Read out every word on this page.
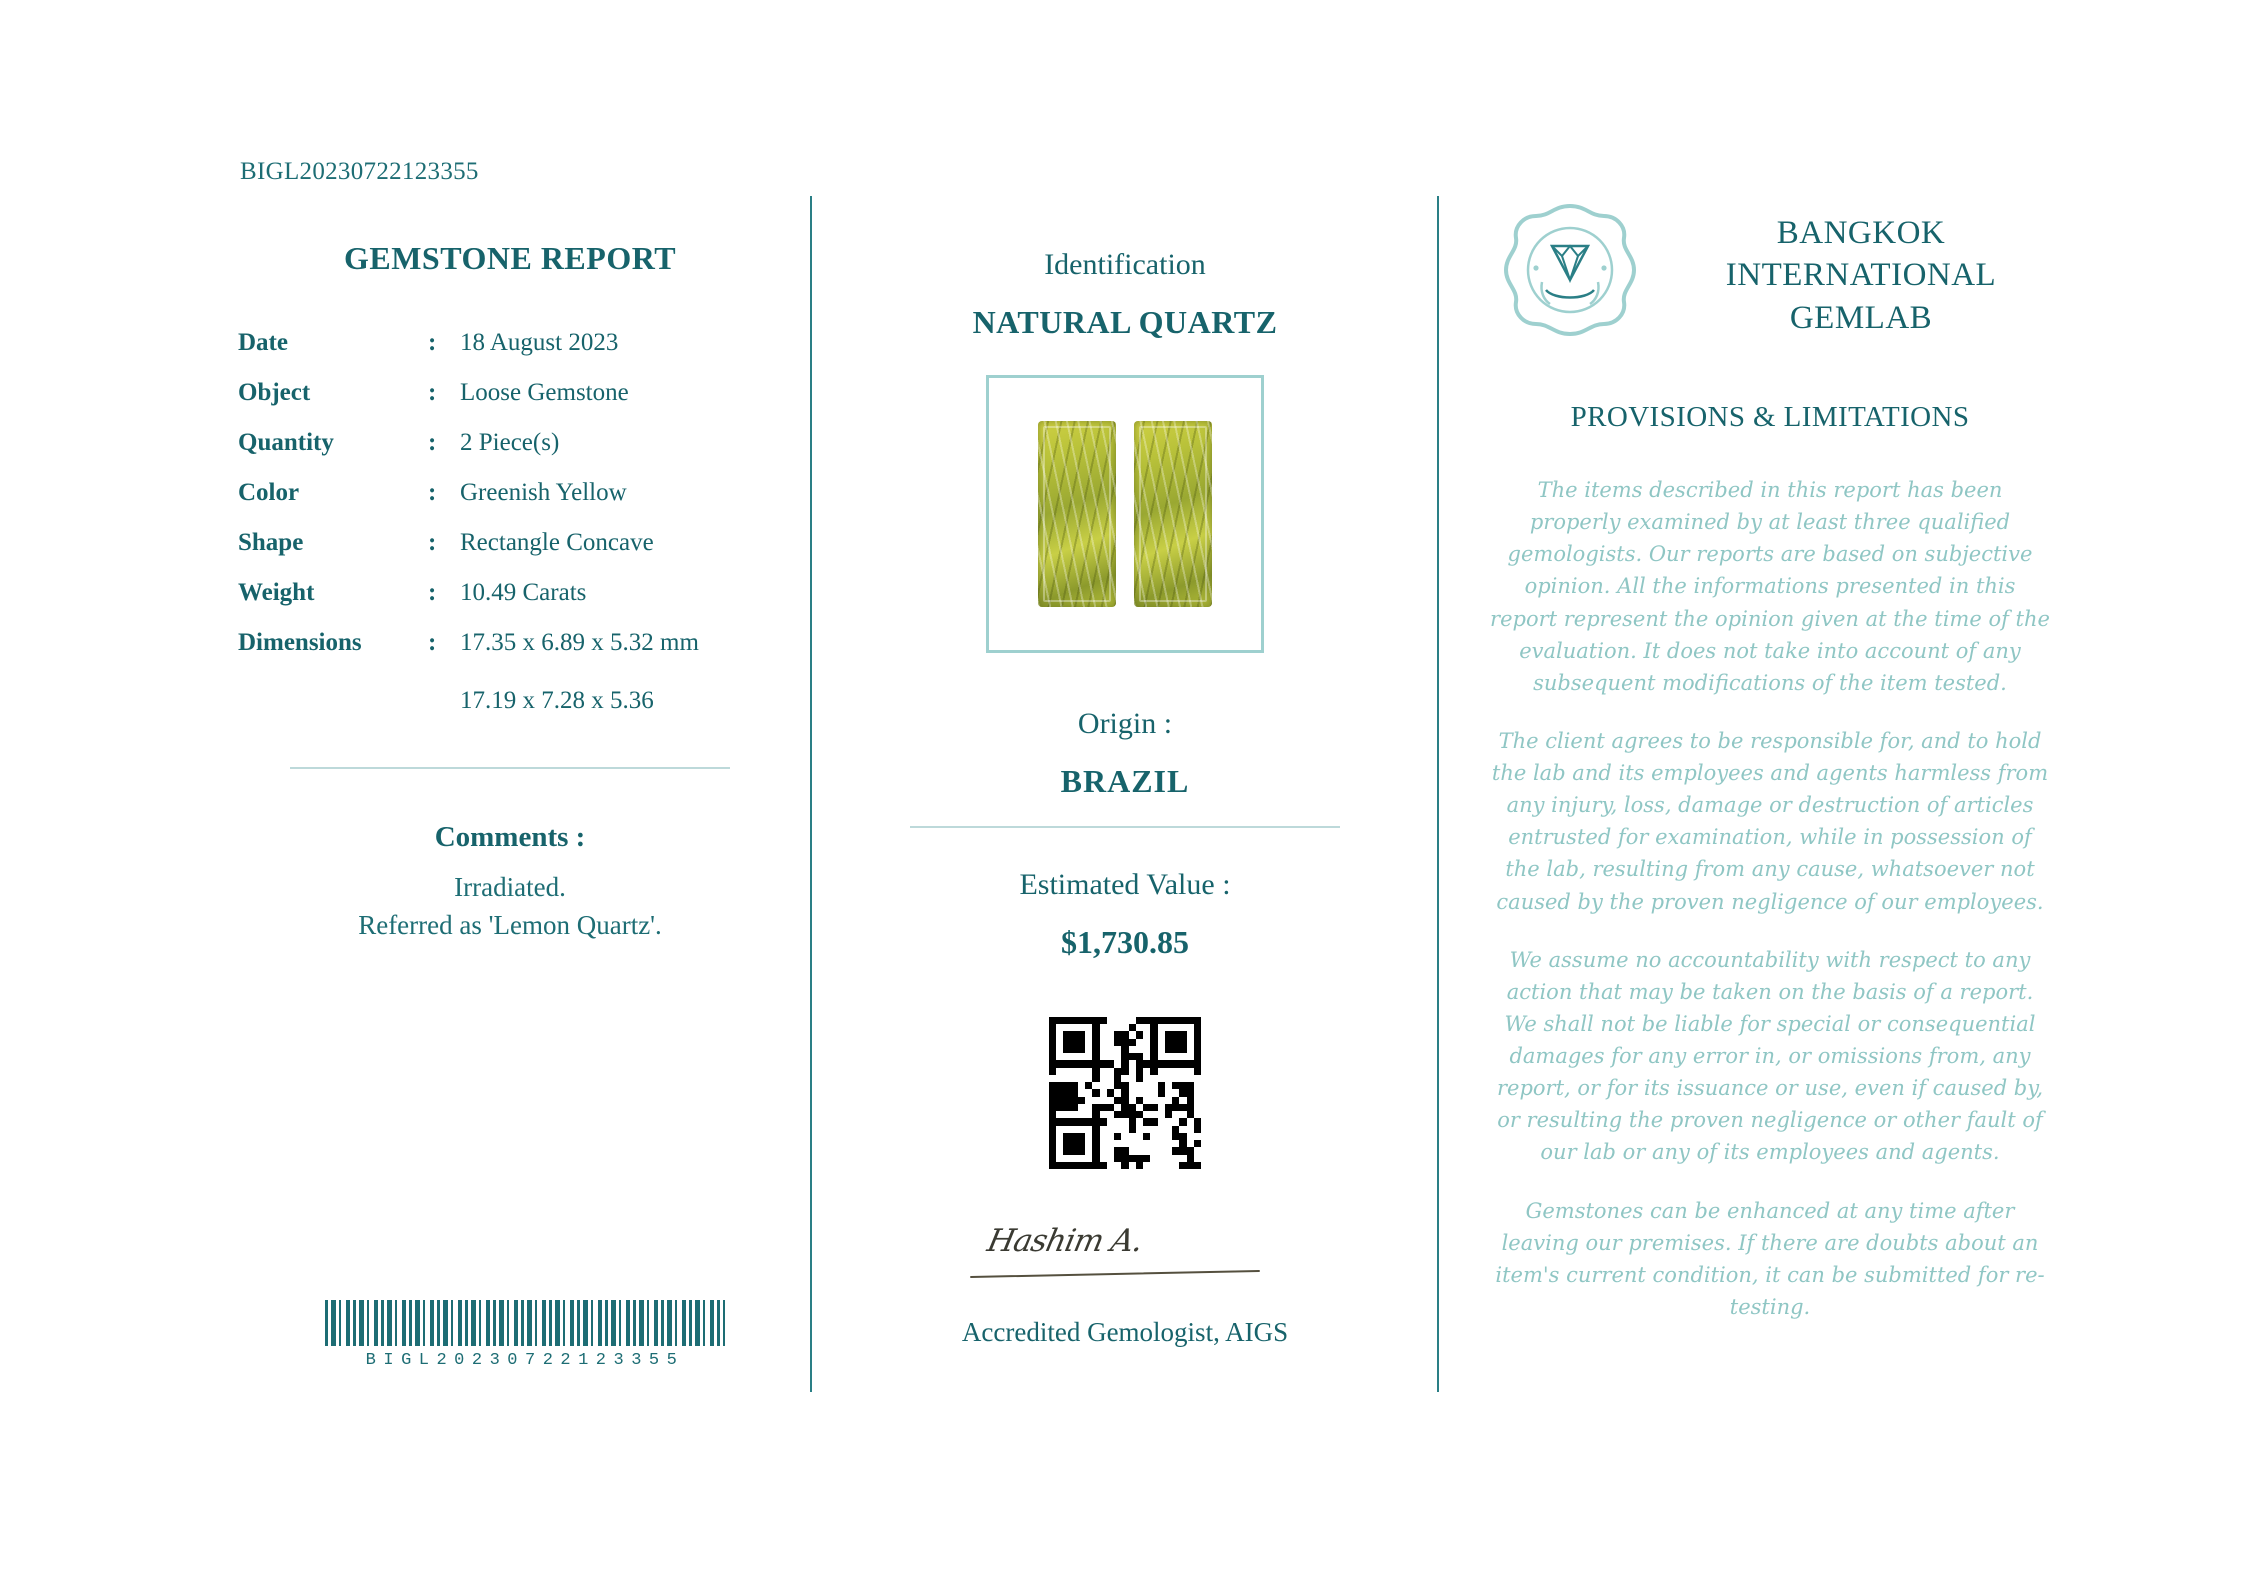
BIGL20230722123355
GEMSTONE REPORT
Date	:	18 August 2023
Object	:	Loose Gemstone
Quantity	:	2 Piece(s)
Color	:	Greenish Yellow
Shape	:	Rectangle Concave
Weight	:	10.49 Carats
Dimensions	:	17.35 x 6.89 x 5.32 mm
		17.19 x 7.28 x 5.36
Comments :
Irradiated.
Referred as 'Lemon Quartz'.
BIGL20230722123355
Identification
NATURAL QUARTZ
Origin :
BRAZIL
Estimated Value :
$1,730.85
Hashim A.
Accredited Gemologist, AIGS
BANGKOK
INTERNATIONAL
GEMLAB
PROVISIONS & LIMITATIONS

The items described in this report has been properly examined by at least three qualified gemologists. Our reports are based on subjective opinion. All the informations presented in this report represent the opinion given at the time of the evaluation. It does not take into account of any subsequent modifications of the item tested.

The client agrees to be responsible for, and to hold the lab and its employees and agents harmless from any injury, loss, damage or destruction of articles entrusted for examination, while in possession of the lab, resulting from any cause, whatsoever not caused by the proven negligence of our employees.

We assume no accountability with respect to any action that may be taken on the basis of a report. We shall not be liable for special or consequential damages for any error in, or omissions from, any report, or for its issuance or use, even if caused by, or resulting the proven negligence or other fault of our lab or any of its employees and agents.

Gemstones can be enhanced at any time after leaving our premises. If there are doubts about an item's current condition, it can be submitted for re-testing.
